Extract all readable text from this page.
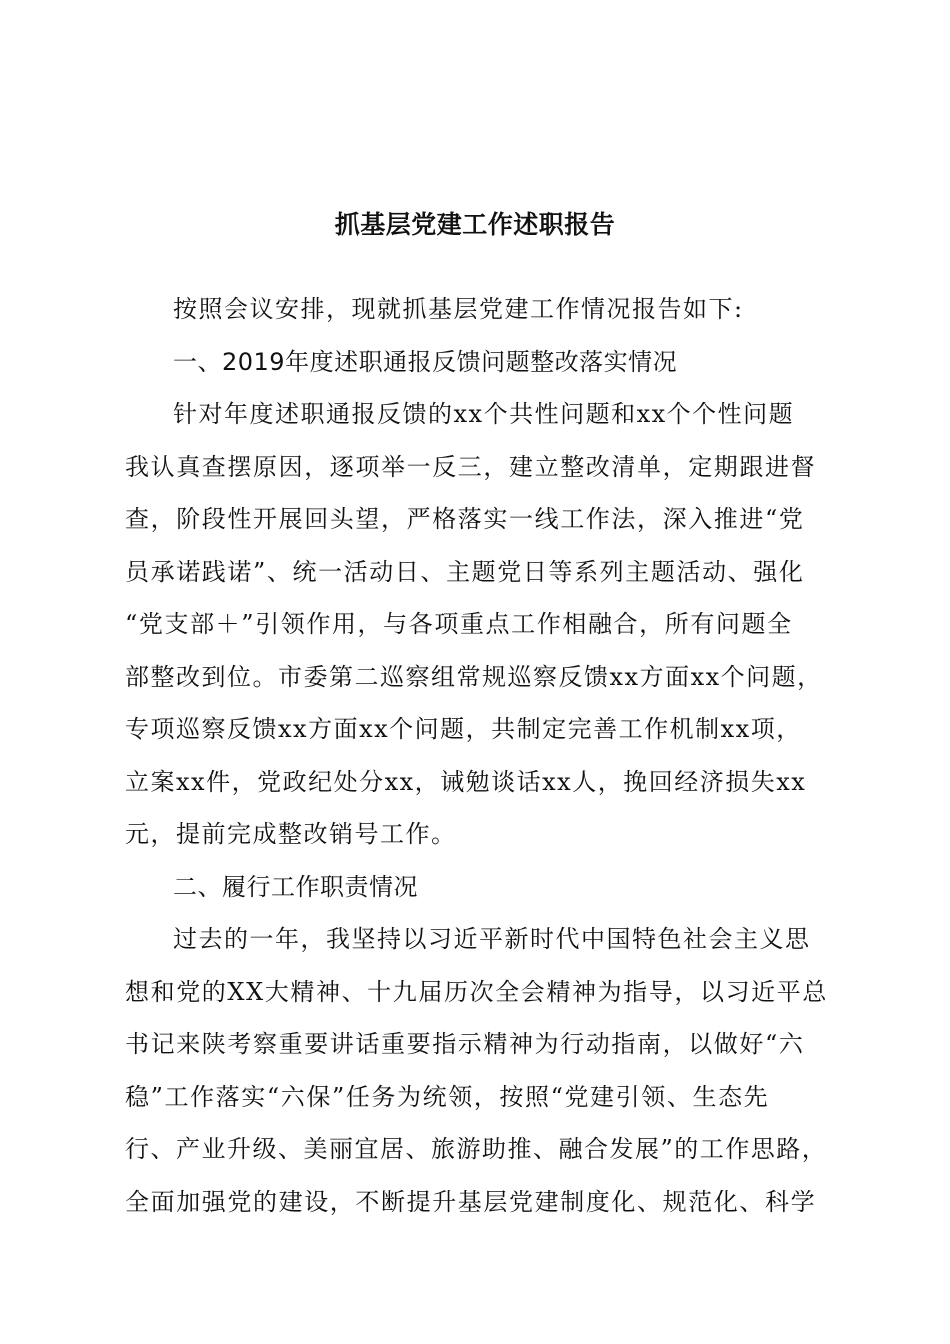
抓基层党建工作述职报告
按照会议安排，现就抓基层党建工作情况报告如下:
一、2019年度述职通报反馈问题整改落实情况
针对年度述职通报反馈的xx个共性问题和xx个个性问题
我认真查摆原因，逐项举一反三，建立整改清单，定期跟进督
查，阶段性开展回头望，严格落实一线工作法，深入推进“党
员承诺践诺”、统一活动日、主题党日等系列主题活动、强化
“党支部＋”引领作用，与各项重点工作相融合，所有问题全
部整改到位。市委第二巡察组常规巡察反馈xx方面xx个问题，
专项巡察反馈xx方面xx个问题，共制定完善工作机制xx项，
立案xx件，党政纪处分xx，诫勉谈话xx人，挽回经济损失xx
元，提前完成整改销号工作。
二、履行工作职责情况
过去的一年，我坚持以习近平新时代中国特色社会主义思
想和党的XX大精神、十九届历次全会精神为指导，以习近平总
书记来陕考察重要讲话重要指示精神为行动指南，以做好“六
稳”工作落实“六保”任务为统领，按照“党建引领、生态先
行、产业升级、美丽宜居、旅游助推、融合发展”的工作思路，
全面加强党的建设，不断提升基层党建制度化、规范化、科学
